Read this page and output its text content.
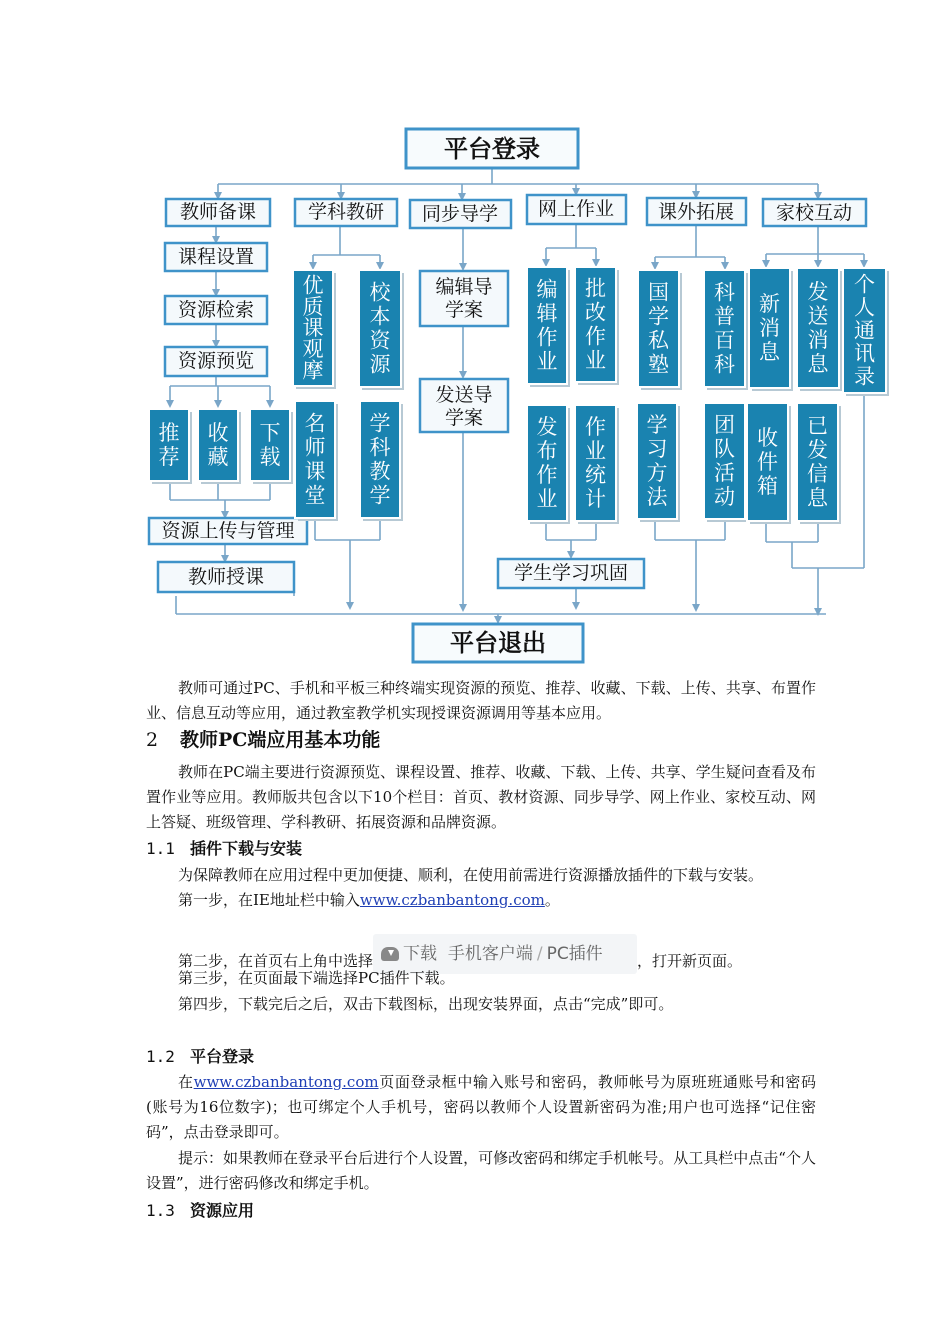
平台登录
平台退出
教师备课	学科教研 同步导学 网上作业 课外拓展 家校互动
课程设置
资源检索
资源预览
资源上传与管理
教师授课
编辑导
学案
发送导
学案
学生学习巩固
推
荐
收
藏
下
载
优
质
课
观
摩
校
本
资
源
名
师
课
堂
学
科
教
学
编
辑
作
业
批
改
作
业
发
布
作
业
作
业
统
计
国
学
私
塾
科
普
百
科
学
习
方
法
团
队
活
动
新
消
息
发
送
消
息
个
人
通
讯
录
收
件
箱
已
发
信
息

教师可通过PC、手机和平板三种终端实现资源的预览、推荐、收藏、下载、上传、共享、布置作业、信息互动等应用，通过教室教学机实现授课资源调用等基本应用。

2 教师PC端应用基本功能

教师在PC端主要进行资源预览、课程设置、推荐、收藏、下载、上传、共享、学生疑问查看及布置作业等应用。教师版共包含以下10个栏目：首页、教材资源、同步导学、网上作业、家校互动、网上答疑、班级管理、学科教研、拓展资源和品牌资源。

1.1 插件下载与安装
为保障教师在应用过程中更加便捷、顺利，在使用前需进行资源播放插件的下载与安装。
第一步，在IE地址栏中输入www.czbanbantong.com。
第二步，在首页右上角中选择 下载 手机客户端 / PC插件 ，打开新页面。
第三步，在页面最下端选择PC插件下载。
第四步，下载完后之后，双击下载图标，出现安装界面，点击“完成”即可。
1.2 平台登录

在www.czbanbantong.com页面登录框中输入账号和密码，教师帐号为原班班通账号和密码(账号为16位数字)；也可绑定个人手机号，密码以教师个人设置新密码为准;用户也可选择“记住密码”，点击登录即可。

提示：如果教师在登录平台后进行个人设置，可修改密码和绑定手机帐号。从工具栏中点击“个人设置”，进行密码修改和绑定手机。

1.3 资源应用
